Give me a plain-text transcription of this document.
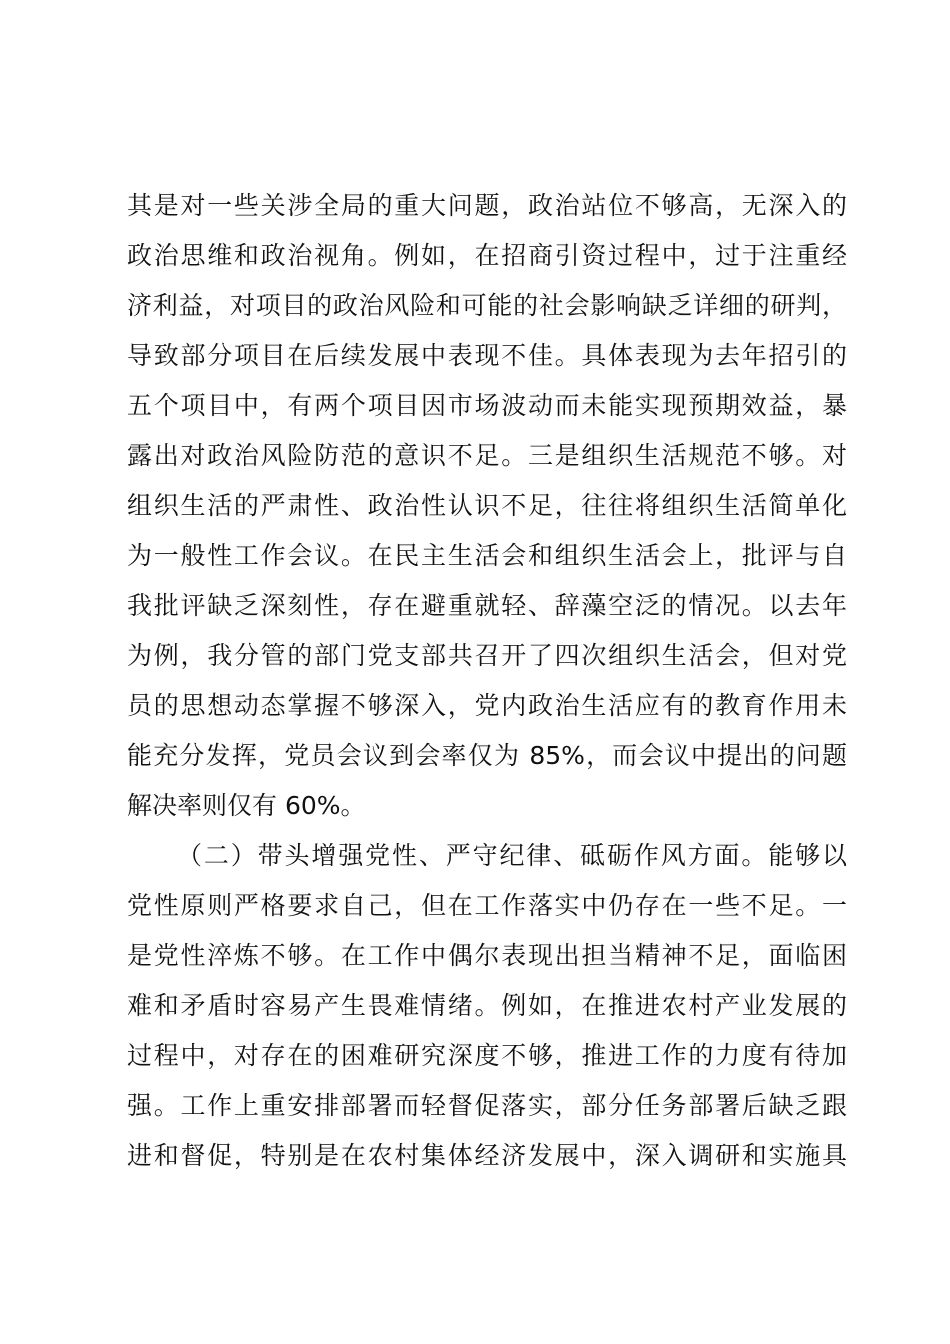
其是对一些关涉全局的重大问题，政治站位不够高，无深入的
政治思维和政治视角。例如，在招商引资过程中，过于注重经
济利益，对项目的政治风险和可能的社会影响缺乏详细的研判，
导致部分项目在后续发展中表现不佳。具体表现为去年招引的
五个项目中，有两个项目因市场波动而未能实现预期效益，暴
露出对政治风险防范的意识不足。三是组织生活规范不够。对
组织生活的严肃性、政治性认识不足，往往将组织生活简单化
为一般性工作会议。在民主生活会和组织生活会上，批评与自
我批评缺乏深刻性，存在避重就轻、辞藻空泛的情况。以去年
为例，我分管的部门党支部共召开了四次组织生活会，但对党
员的思想动态掌握不够深入，党内政治生活应有的教育作用未
能充分发挥，党员会议到会率仅为 85%，而会议中提出的问题
解决率则仅有 60%。
（二）带头增强党性、严守纪律、砥砺作风方面。能够以
党性原则严格要求自己，但在工作落实中仍存在一些不足。一
是党性淬炼不够。在工作中偶尔表现出担当精神不足，面临困
难和矛盾时容易产生畏难情绪。例如，在推进农村产业发展的
过程中，对存在的困难研究深度不够，推进工作的力度有待加
强。工作上重安排部署而轻督促落实，部分任务部署后缺乏跟
进和督促，特别是在农村集体经济发展中，深入调研和实施具
